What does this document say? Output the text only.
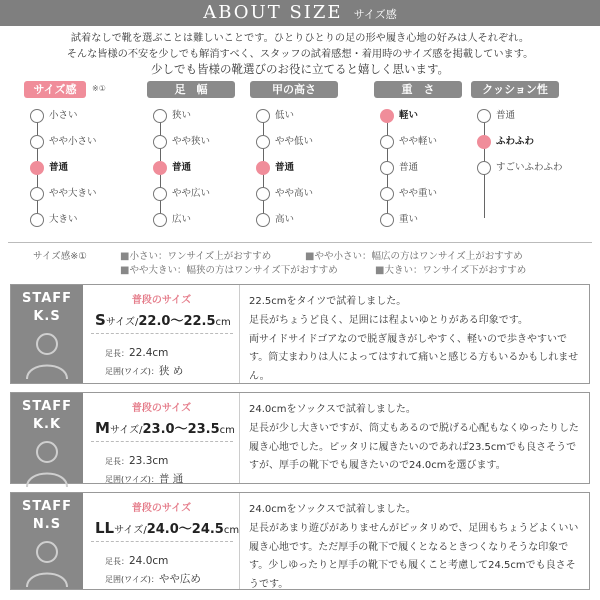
ABOUT SIZE サイズ感
試着なしで靴を選ぶことは難しいことです。ひとりひとりの足の形や履き心地の好みは人それぞれ。
そんな皆様の不安を少しでも解消すべく、スタッフの試着感想・着用時のサイズ感を掲載しています。
少しでも皆様の靴選びのお役に立てると嬉しく思います。
サイズ感	※①
小さい
やや小さい
普通
やや大きい
大きい
足　幅
狭い
やや狭い
普通
やや広い
広い
甲の高さ
低い
やや低い
普通
やや高い
高い
重　さ
軽い
やや軽い
普通
やや重い
重い
クッション性
普通
ふわふわ
すごいふわふわ
サイズ感※①	■小さい：ワンサイズ上がおすすめ	■やや小さい：幅広の方はワンサイズ上がおすすめ
■やや大きい：幅狭の方はワンサイズ下がおすすめ	■大きい：ワンサイズ下がおすすめ
STAFF
K.S
普段のサイズ
Sサイズ/22.0〜22.5cm
足長：22.4cm
足囲(ワイズ)：狭 め
22.5cmをタイツで試着しました。
足長がちょうど良く、足囲には程よいゆとりがある印象です。
両サイドサイドゴアなので脱ぎ履きがしやすく、軽いので歩きやすいです。筒丈まわりは人によってはすれて痛いと感じる方もいるかもしれません。
STAFF
K.K
普段のサイズ
Mサイズ/23.0〜23.5cm
足長：23.3cm
足囲(ワイズ)：普 通
24.0cmをソックスで試着しました。
足長が少し大きいですが、筒丈もあるので脱げる心配もなくゆったりした履き心地でした。ピッタリに履きたいのであれば23.5cmでも良さそうですが、厚手の靴下でも履きたいので24.0cmを選びます。
STAFF
N.S
普段のサイズ
LLサイズ/24.0〜24.5cm
足長：24.0cm
足囲(ワイズ)：やや広め
24.0cmをソックスで試着しました。
足長があまり遊びがありませんがピッタリめで、足囲もちょうどよくいい履き心地です。ただ厚手の靴下で履くとなるときつくなりそうな印象です。少しゆったりと厚手の靴下でも履くこと考慮して24.5cmでも良さそうです。
